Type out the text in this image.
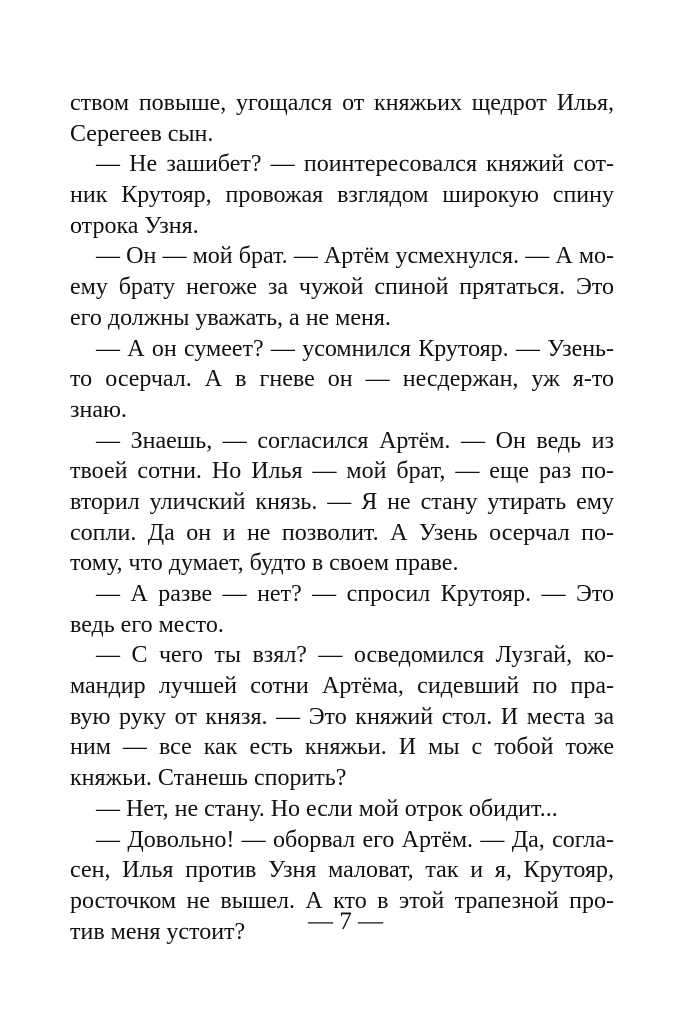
ством повыше, угощался от княжьих щедрот Илья,
Серегеев сын.
— Не зашибет? — поинтересовался княжий сот-
ник Крутояр, провожая взглядом широкую спину
отрока Узня.
— Он — мой брат. — Артём усмехнулся. — А мо-
ему брату негоже за чужой спиной прятаться. Это
его должны уважать, а не меня.
— А он сумеет? — усомнился Крутояр. — Узень-
то осерчал. А в гневе он — несдержан, уж я-то
знаю.
— Знаешь, — согласился Артём. — Он ведь из
твоей сотни. Но Илья — мой брат, — еще раз по-
вторил уличский князь. — Я не стану утирать ему
сопли. Да он и не позволит. А Узень осерчал по-
тому, что думает, будто в своем праве.
— А разве — нет? — спросил Крутояр. — Это
ведь его место.
— С чего ты взял? — осведомился Лузгай, ко-
мандир лучшей сотни Артёма, сидевший по пра-
вую руку от князя. — Это княжий стол. И места за
ним — все как есть княжьи. И мы с тобой тоже
княжьи. Станешь спорить?
— Нет, не стану. Но если мой отрок обидит...
— Довольно! — оборвал его Артём. — Да, согла-
сен, Илья против Узня маловат, так и я, Крутояр,
росточком не вышел. А кто в этой трапезной про-
тив меня устоит?	— 7 —
